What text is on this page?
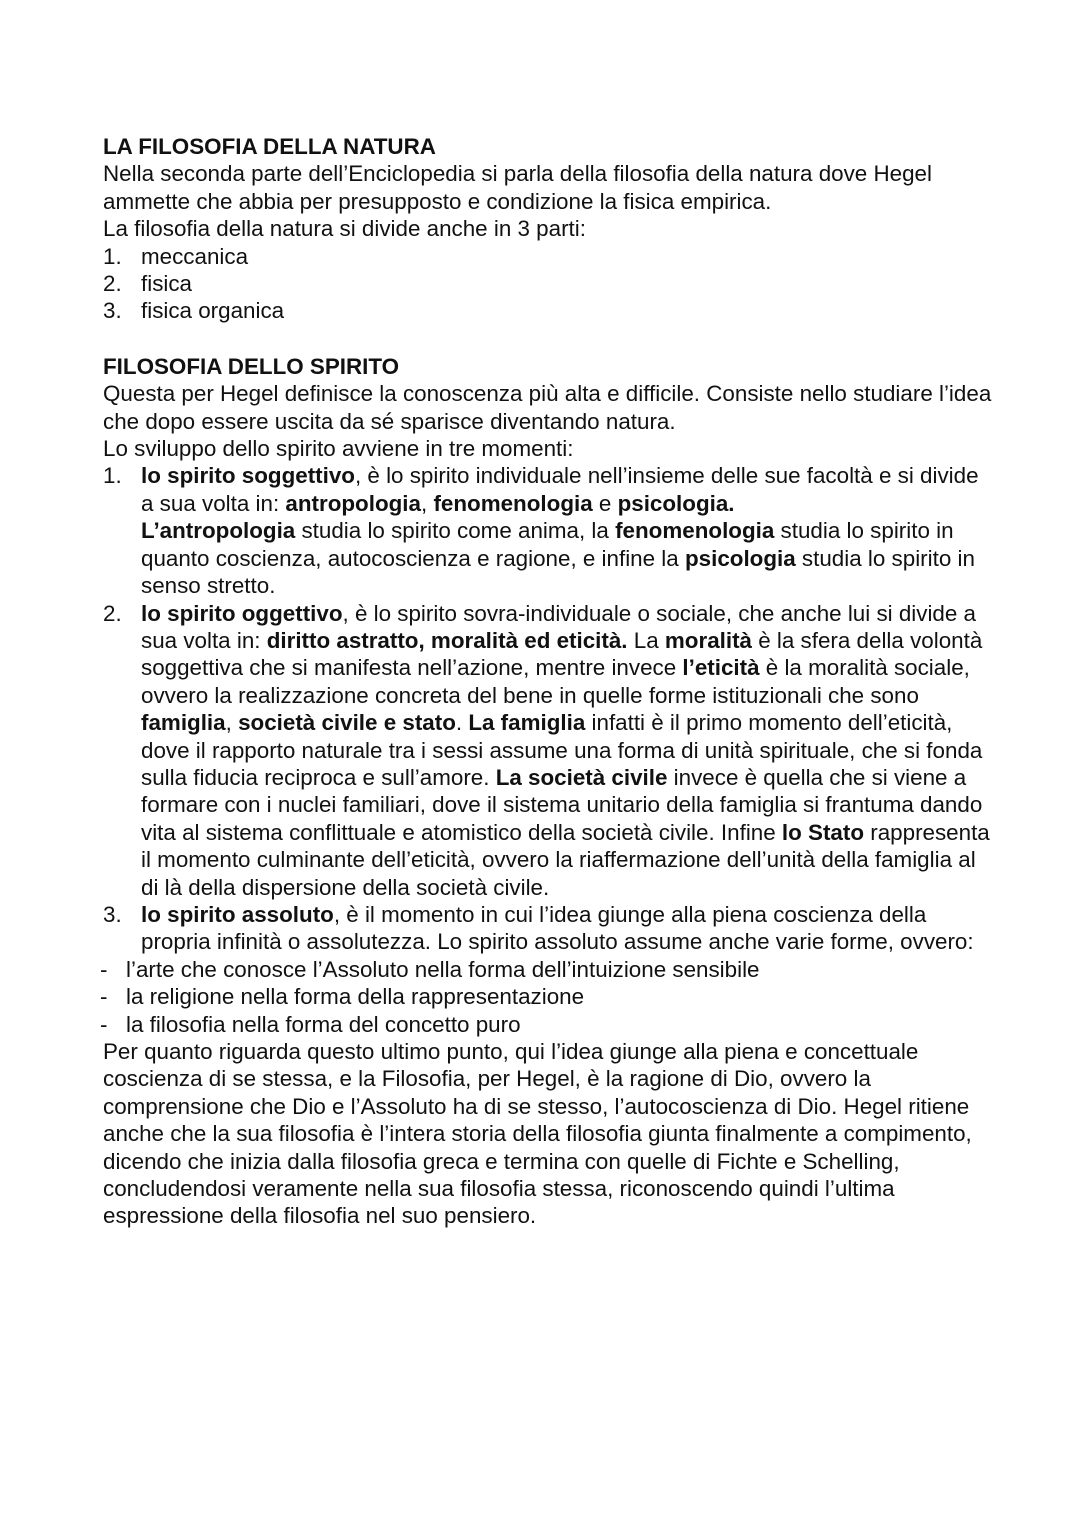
LA FILOSOFIA DELLA NATURA

Nella seconda parte dell’Enciclopedia si parla della filosofia della natura dove Hegel ammette che abbia per presupposto e condizione la fisica empirica.

La filosofia della natura si divide anche in 3 parti:

1. meccanica
2. fisica
3. fisica organica
FILOSOFIA DELLO SPIRITO

Questa per Hegel definisce la conoscenza più alta e difficile. Consiste nello studiare l’idea che dopo essere uscita da sé sparisce diventando natura.

Lo sviluppo dello spirito avviene in tre momenti:

1. lo spirito soggettivo, è lo spirito individuale nell’insieme delle sue facoltà e si divide a sua volta in: antropologia, fenomenologia e psicologia.
L’antropologia studia lo spirito come anima, la fenomenologia studia lo spirito in quanto coscienza, autocoscienza e ragione, e infine la psicologia studia lo spirito in senso stretto.
2. lo spirito oggettivo, è lo spirito sovra-individuale o sociale, che anche lui si divide a sua volta in: diritto astratto, moralità ed eticità. La moralità è la sfera della volontà soggettiva che si manifesta nell’azione, mentre invece l’eticità è la moralità sociale, ovvero la realizzazione concreta del bene in quelle forme istituzionali che sono famiglia, società civile e stato. La famiglia infatti è il primo momento dell’eticità, dove il rapporto naturale tra i sessi assume una forma di unità spirituale, che si fonda sulla fiducia reciproca e sull’amore. La società civile invece è quella che si viene a formare con i nuclei familiari, dove il sistema unitario della famiglia si frantuma dando vita al sistema conflittuale e atomistico della società civile. Infine lo Stato rappresenta il momento culminante dell’eticità, ovvero la riaffermazione dell’unità della famiglia al di là della dispersione della società civile.
3. lo spirito assoluto, è il momento in cui l’idea giunge alla piena coscienza della propria infinità o assolutezza. Lo spirito assoluto assume anche varie forme, ovvero:
- l’arte che conosce l’Assoluto nella forma dell’intuizione sensibile
- la religione nella forma della rappresentazione
- la filosofia nella forma del concetto puro

Per quanto riguarda questo ultimo punto, qui l’idea giunge alla piena e concettuale coscienza di se stessa, e la Filosofia, per Hegel, è la ragione di Dio, ovvero la comprensione che Dio e l’Assoluto ha di se stesso, l’autocoscienza di Dio. Hegel ritiene anche che la sua filosofia è l’intera storia della filosofia giunta finalmente a compimento, dicendo che inizia dalla filosofia greca e termina con quelle di Fichte e Schelling, concludendosi veramente nella sua filosofia stessa, riconoscendo quindi l’ultima espressione della filosofia nel suo pensiero.
